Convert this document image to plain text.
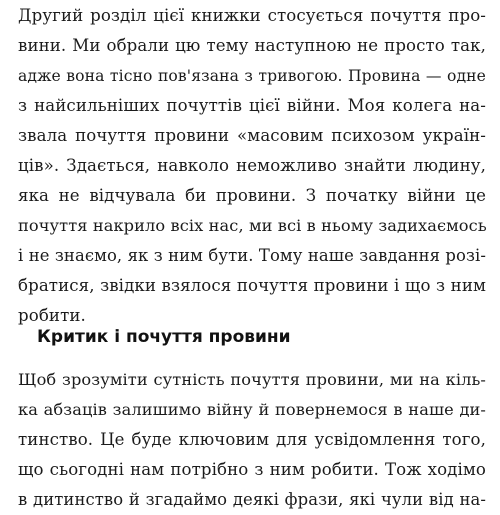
Другий розділ цієї книжки стосується почуття про-
вини. Ми обрали цю тему наступною не просто так,
адже вона тісно пов'язана з тривогою. Провина — одне
з найсильніших почуттів цієї війни. Моя колега на-
звала почуття провини «масовим психозом україн-
ців». Здається, навколо неможливо знайти людину,
яка не відчувала би провини. З початку війни це
почуття накрило всіх нас, ми всі в ньому задихаємось
і не знаємо, як з ним бути. Тому наше завдання розі-
братися, звідки взялося почуття провини і що з ним
робити.
Критик і почуття провини
Щоб зрозуміти сутність почуття провини, ми на кіль-
ка абзаців залишимо війну й повернемося в наше ди-
тинство. Це буде ключовим для усвідомлення того,
що сьогодні нам потрібно з ним робити. Тож ходімо
в дитинство й згадаймо деякі фрази, які чули від на-
